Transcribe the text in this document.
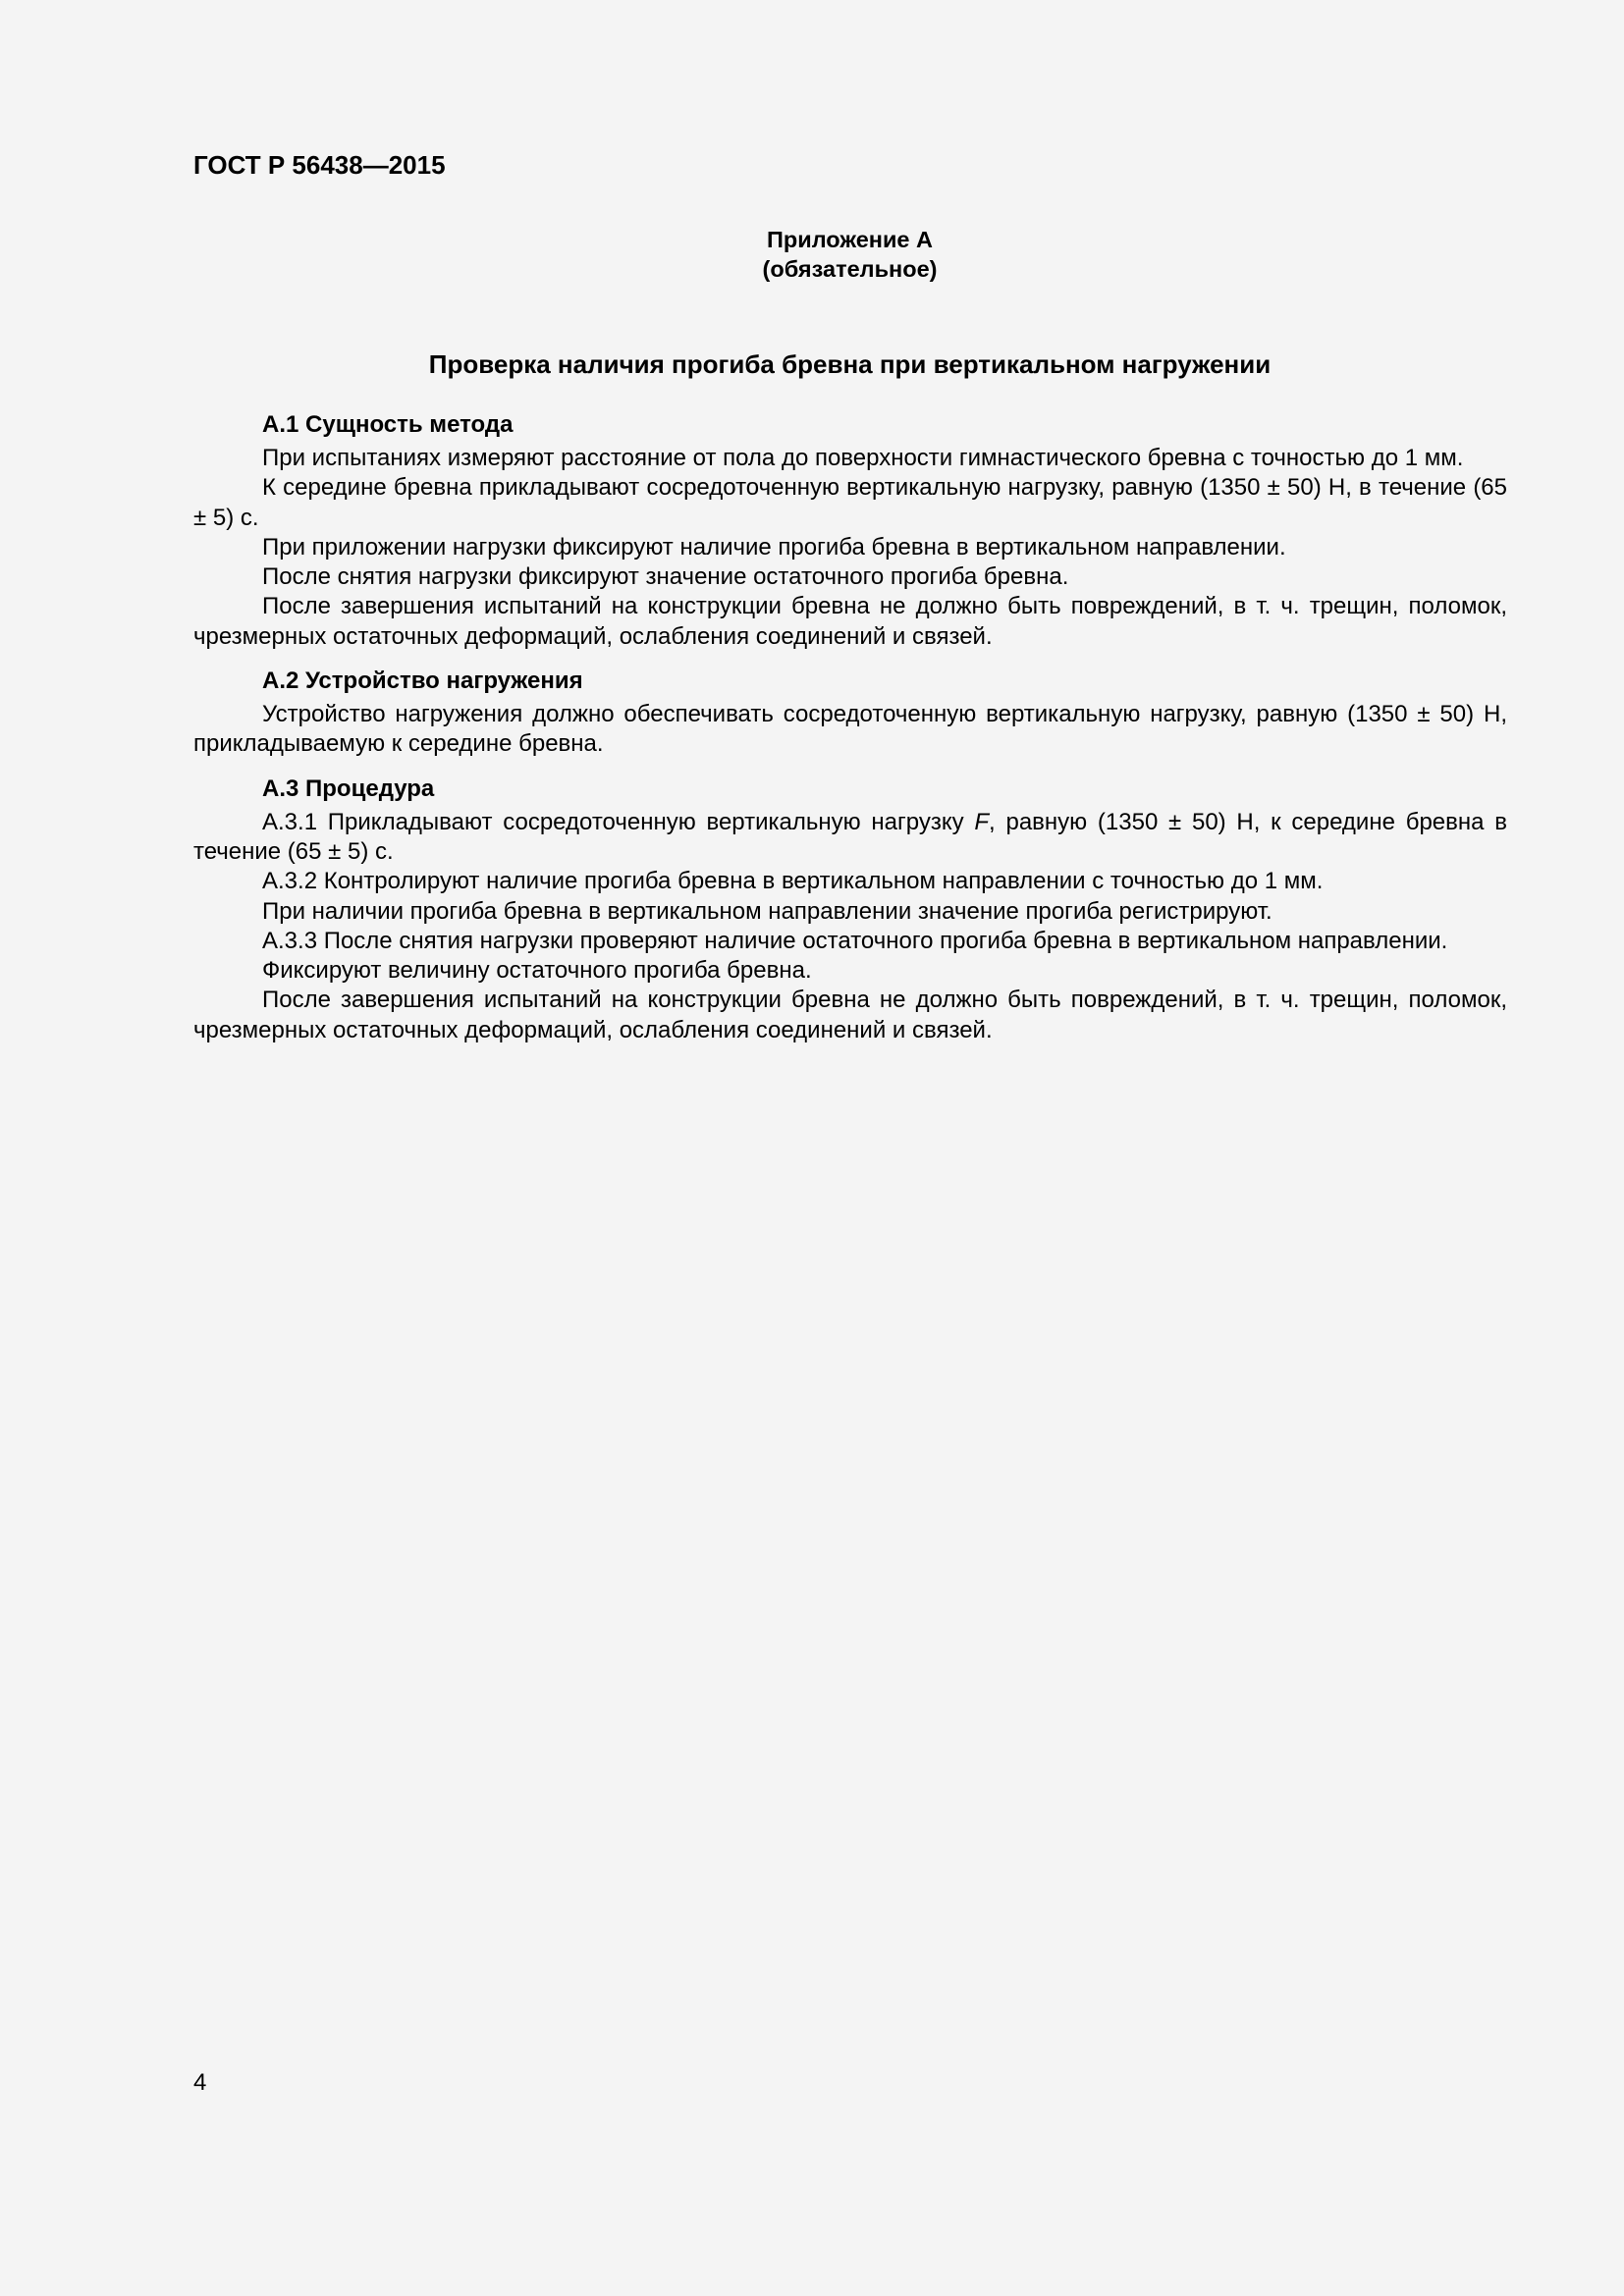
ГОСТ Р 56438—2015
Приложение А
(обязательное)
Проверка наличия прогиба бревна при вертикальном нагружении
А.1 Сущность метода

При испытаниях измеряют расстояние от пола до поверхности гимнастического бревна с точностью до 1 мм.

К середине бревна прикладывают сосредоточенную вертикальную нагрузку, равную (1350 ± 50) Н, в течение (65 ± 5) с.

При приложении нагрузки фиксируют наличие прогиба бревна в вертикальном направлении.

После снятия нагрузки фиксируют значение остаточного прогиба бревна.

После завершения испытаний на конструкции бревна не должно быть повреждений, в т. ч. трещин, поломок, чрезмерных остаточных деформаций, ослабления соединений и связей.

А.2 Устройство нагружения

Устройство нагружения должно обеспечивать сосредоточенную вертикальную нагрузку, равную (1350 ± 50) Н, прикладываемую к середине бревна.

А.3 Процедура

А.3.1 Прикладывают сосредоточенную вертикальную нагрузку F, равную (1350 ± 50) Н, к середине бревна в течение (65 ± 5) с.

А.3.2 Контролируют наличие прогиба бревна в вертикальном направлении с точностью до 1 мм.

При наличии прогиба бревна в вертикальном направлении значение прогиба регистрируют.

А.3.3 После снятия нагрузки проверяют наличие остаточного прогиба бревна в вертикальном направлении.

Фиксируют величину остаточного прогиба бревна.

После завершения испытаний на конструкции бревна не должно быть повреждений, в т. ч. трещин, поломок, чрезмерных остаточных деформаций, ослабления соединений и связей.

4
